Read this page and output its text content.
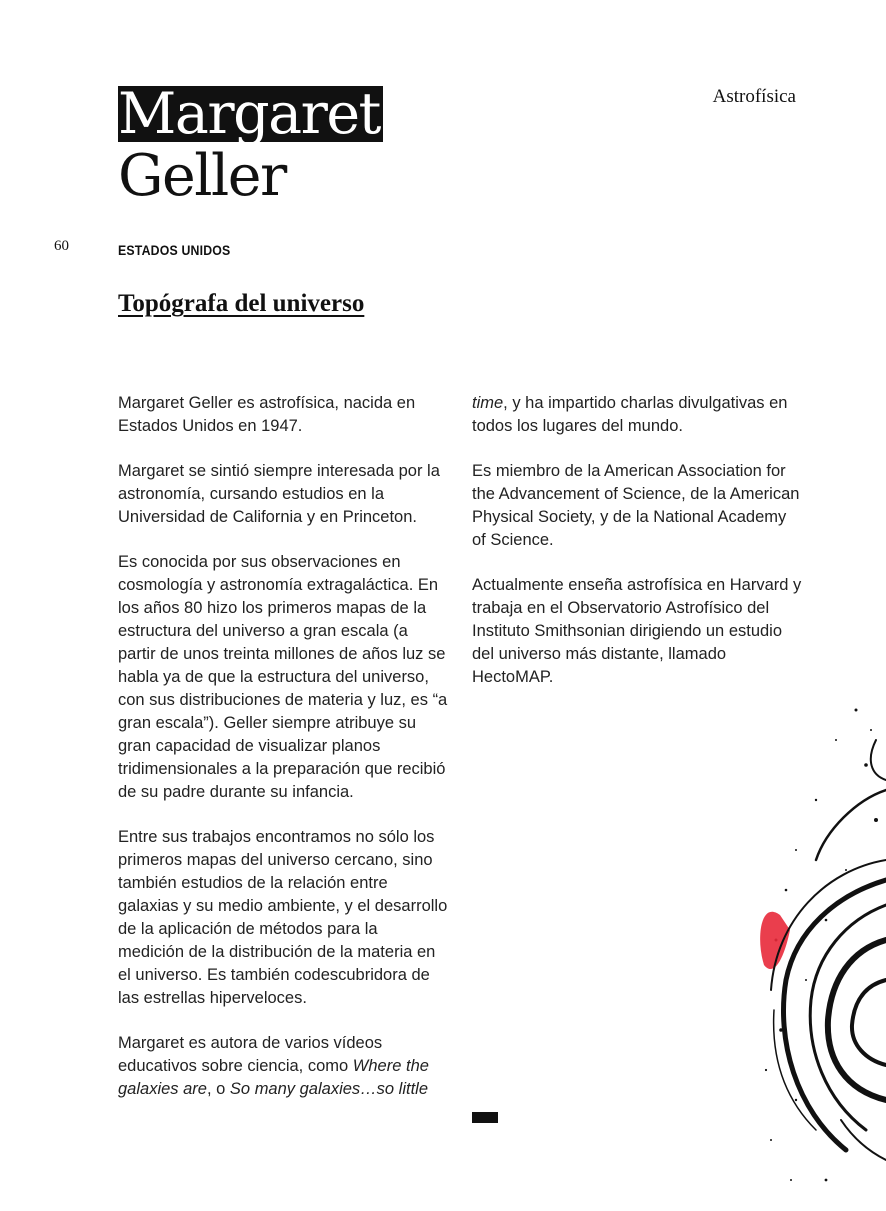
Margaret
Geller
Astrofísica
60	ESTADOS UNIDOS
Topógrafa del universo

Margaret Geller es astrofísica, nacida en Estados Unidos en 1947.

Margaret se sintió siempre interesada por la astronomía, cursando estudios en la Universidad de California y en Princeton.

Es conocida por sus observaciones en cosmología y astronomía extragaláctica. En los años 80 hizo los primeros mapas de la estructura del universo a gran escala (a partir de unos treinta millones de años luz se habla ya de que la estructura del universo, con sus distribuciones de materia y luz, es “a gran escala”). Geller siempre atribuye su gran capacidad de visualizar planos tridimensionales a la preparación que recibió de su padre durante su infancia.

Entre sus trabajos encontramos no sólo los primeros mapas del universo cercano, sino también estudios de la relación entre galaxias y su medio ambiente, y el desarrollo de la aplicación de métodos para la medición de la distribución de la materia en el universo. Es también codescubridora de las estrellas hiperveloces.

Margaret es autora de varios vídeos educativos sobre ciencia, como Where the galaxies are, o So many galaxies…so little

time, y ha impartido charlas divulgativas en todos los lugares del mundo.

Es miembro de la American Association for the Advancement of Science, de la American Physical Society, y de la National Academy of Science.

Actualmente enseña astrofísica en Harvard y trabaja en el Observatorio Astrofísico del Instituto Smithsonian dirigiendo un estudio del universo más distante, llamado HectoMAP.
